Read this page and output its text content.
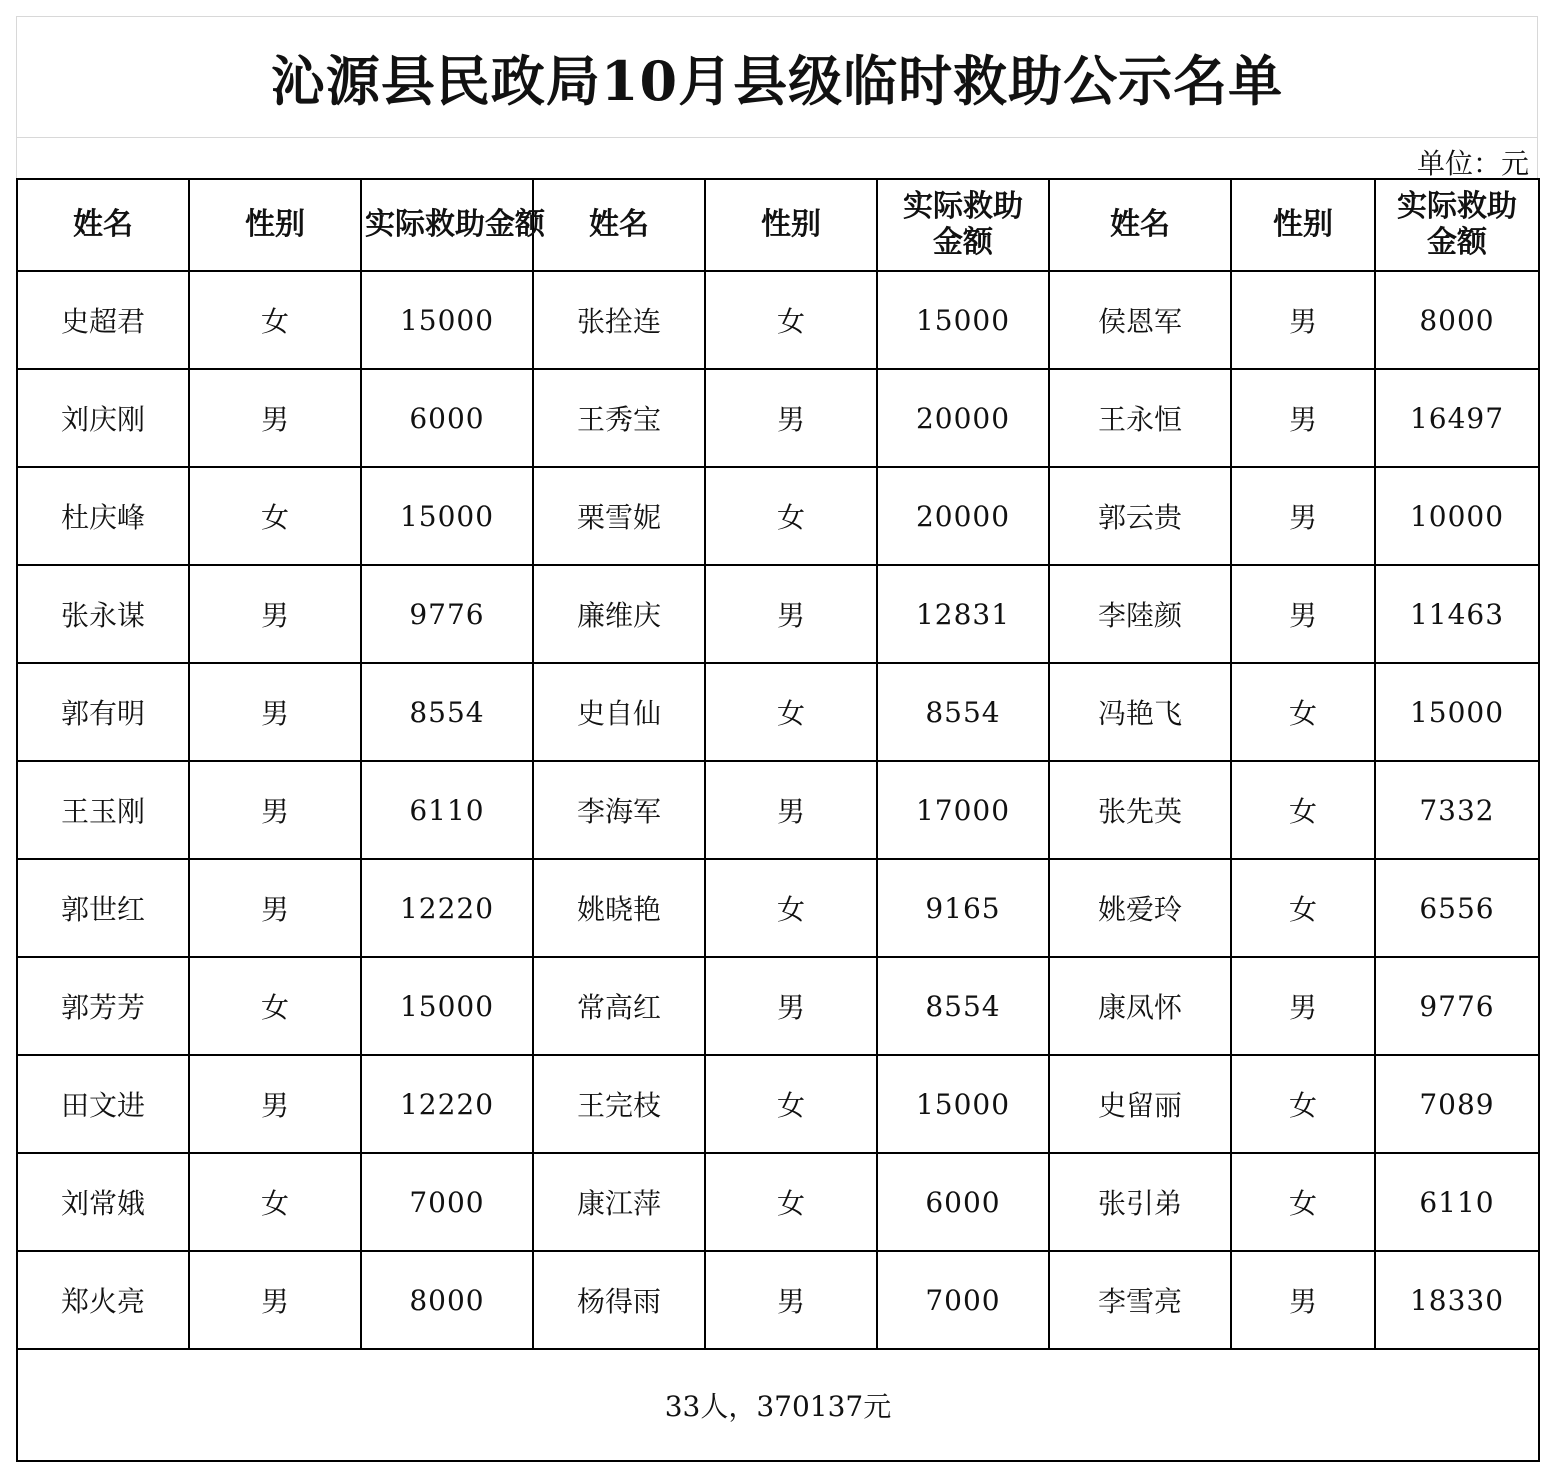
沁源县民政局10月县级临时救助公示名单
单位：元
姓名	性别	实际救助金额	姓名	性别	实际救助金额	姓名	性别	实际救助金额

史超君	女	15000	张拴连	女	15000	侯恩军	男	8000
刘庆刚	男	6000	王秀宝	男	20000	王永恒	男	16497
杜庆峰	女	15000	栗雪妮	女	20000	郭云贵	男	10000
张永谋	男	9776	廉维庆	男	12831	李陸颜	男	11463
郭有明	男	8554	史自仙	女	8554	冯艳飞	女	15000
王玉刚	男	6110	李海军	男	17000	张先英	女	7332
郭世红	男	12220	姚晓艳	女	9165	姚爱玲	女	6556
郭芳芳	女	15000	常高红	男	8554	康凤怀	男	9776
田文进	男	12220	王完枝	女	15000	史留丽	女	7089
刘常娥	女	7000	康江萍	女	6000	张引弟	女	6110
郑火亮	男	8000	杨得雨	男	7000	李雪亮	男	18330
33人，370137元								
